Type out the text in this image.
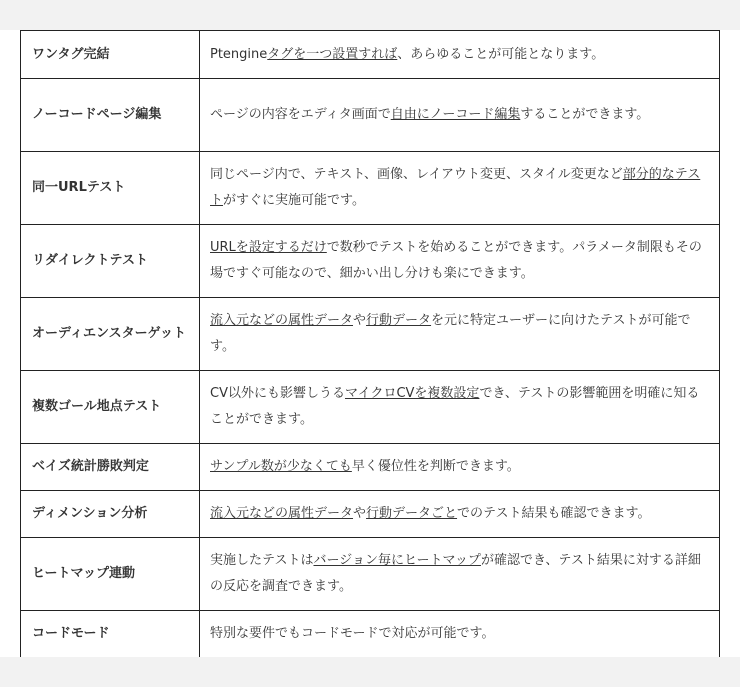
ワンタグ完結	Ptengineタグを一つ設置すれば、あらゆることが可能となります。
ノーコードページ編集	ページの内容をエディタ画面で自由にノーコード編集することができます。
同一URLテスト	同じページ内で、テキスト、画像、レイアウト変更、スタイル変更など部分的なテストがすぐに実施可能です。
リダイレクトテスト	URLを設定するだけで数秒でテストを始めることができます。パラメータ制限もその場ですぐ可能なので、細かい出し分けも楽にできます。
オーディエンスターゲット	流入元などの属性データや行動データを元に特定ユーザーに向けたテストが可能です。
複数ゴール地点テスト	CV以外にも影響しうるマイクロCVを複数設定でき、テストの影響範囲を明確に知ることができます。
ベイズ統計勝敗判定	サンプル数が少なくても早く優位性を判断できます。
ディメンション分析	流入元などの属性データや行動データごとでのテスト結果も確認できます。
ヒートマップ連動	実施したテストはバージョン毎にヒートマップが確認でき、テスト結果に対する詳細の反応を調査できます。
コードモード	特別な要件でもコードモードで対応が可能です。
